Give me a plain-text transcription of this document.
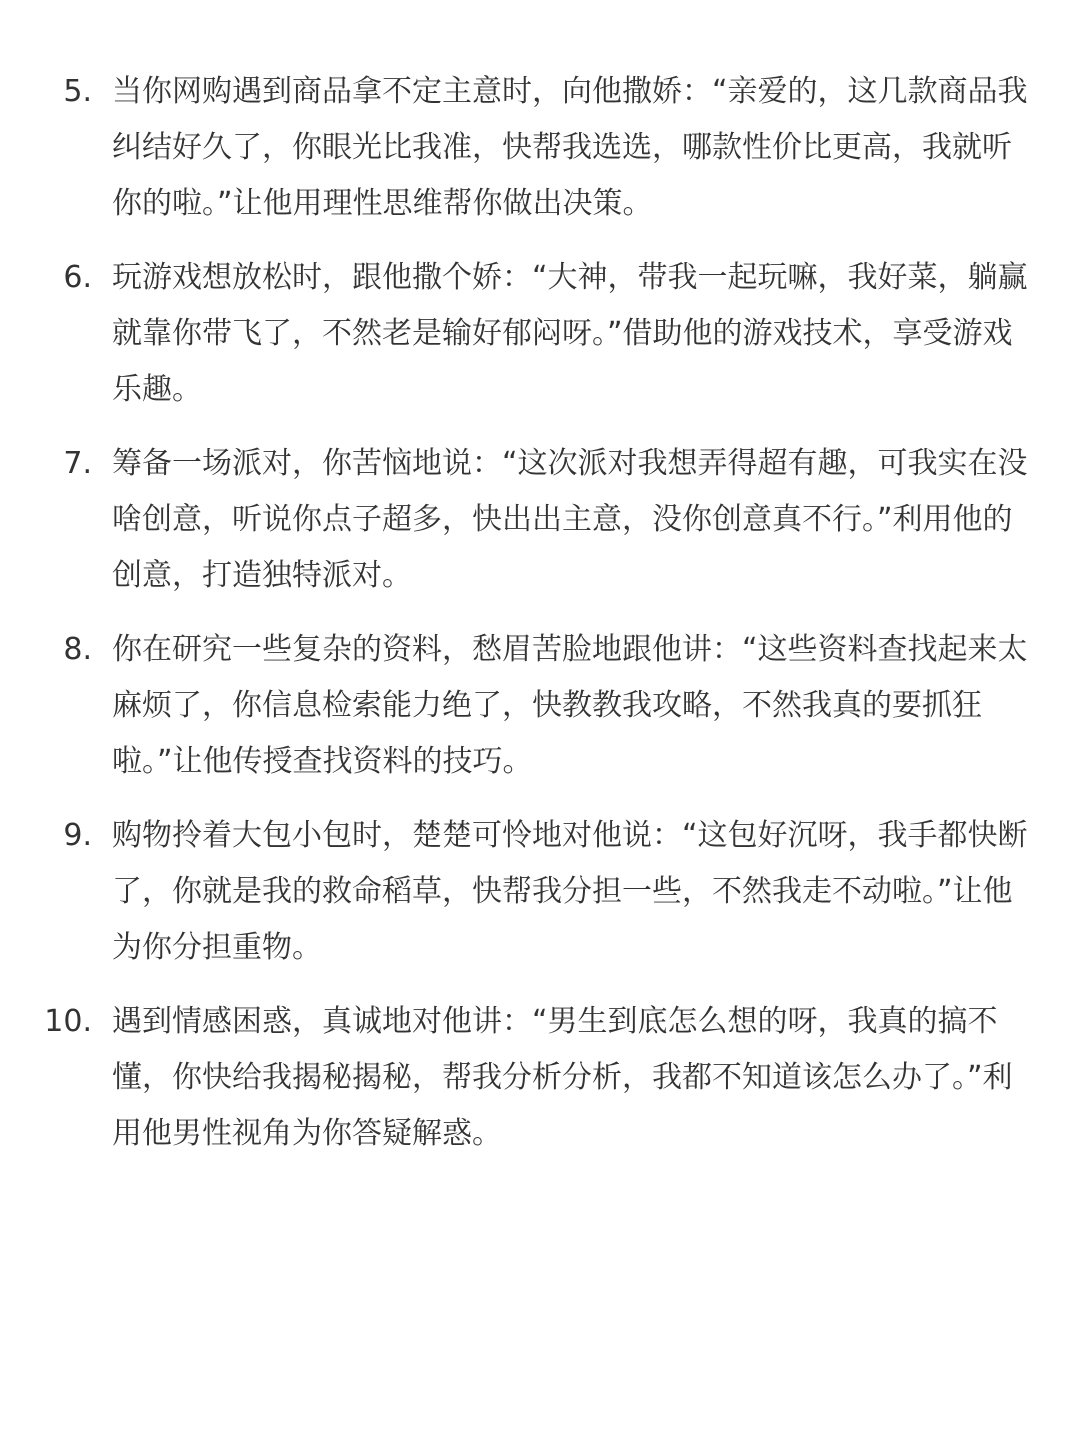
5. 当你网购遇到商品拿不定主意时，向他撒娇：“亲爱的，这几款商品我纠结好久了，你眼光比我准，快帮我选选，哪款性价比更高，我就听你的啦。”让他用理性思维帮你做出决策。
6. 玩游戏想放松时，跟他撒个娇：“大神，带我一起玩嘛，我好菜，躺赢就靠你带飞了，不然老是输好郁闷呀。”借助他的游戏技术，享受游戏乐趣。
7. 筹备一场派对，你苦恼地说：“这次派对我想弄得超有趣，可我实在没啥创意，听说你点子超多，快出出主意，没你创意真不行。”利用他的创意，打造独特派对。
8. 你在研究一些复杂的资料，愁眉苦脸地跟他讲：“这些资料查找起来太麻烦了，你信息检索能力绝了，快教教我攻略，不然我真的要抓狂啦。”让他传授查找资料的技巧。
9. 购物拎着大包小包时，楚楚可怜地对他说：“这包好沉呀，我手都快断了，你就是我的救命稻草，快帮我分担一些，不然我走不动啦。”让他为你分担重物。
10. 遇到情感困惑，真诚地对他讲：“男生到底怎么想的呀，我真的搞不懂，你快给我揭秘揭秘，帮我分析分析，我都不知道该怎么办了。”利用他男性视角为你答疑解惑。
